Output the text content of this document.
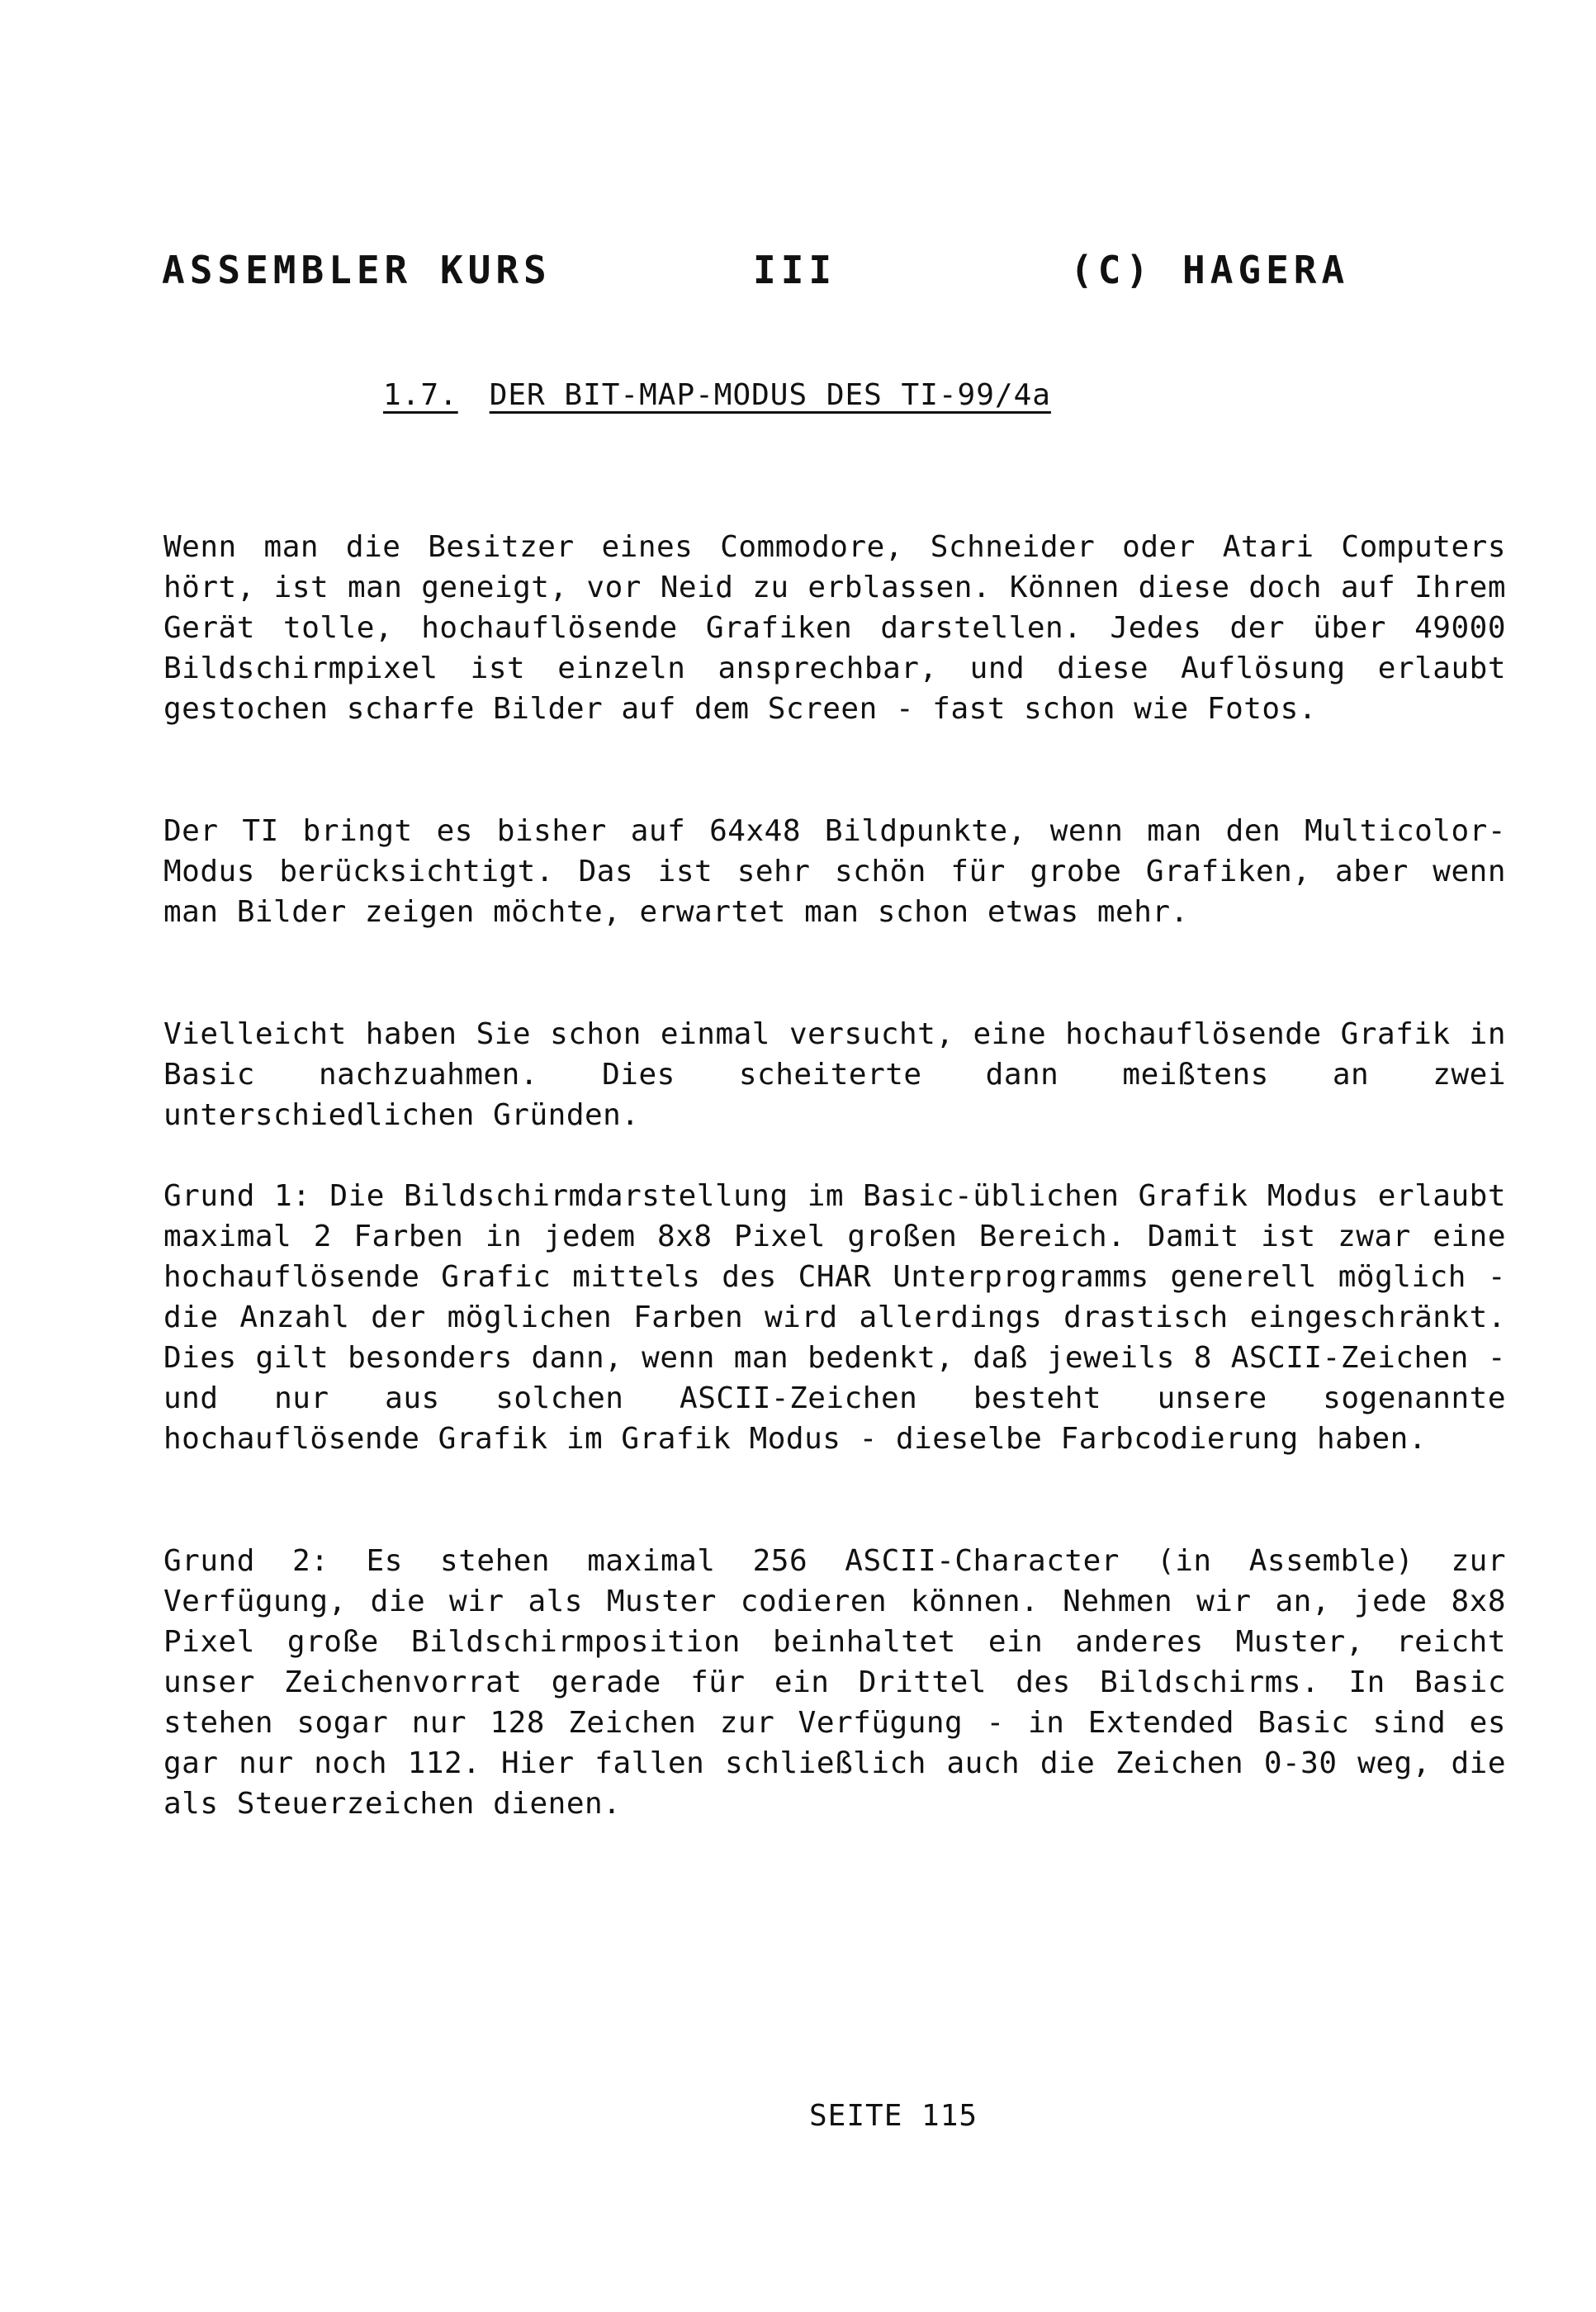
ASSEMBLER KURS	III	(C) HAGERA
1.7. DER BIT-MAP-MODUS DES TI-99/4a

Wenn man die Besitzer eines Commodore, Schneider oder Atari Computers hört, ist man geneigt, vor Neid zu erblassen. Können diese doch auf Ihrem Gerät tolle, hochauflösende Grafiken darstellen. Jedes der über 49000 Bildschirmpixel ist einzeln ansprechbar, und diese Auflösung erlaubt gestochen scharfe Bilder auf dem Screen - fast schon wie Fotos.

Der TI bringt es bisher auf 64x48 Bildpunkte, wenn man den Multicolor-Modus berücksichtigt. Das ist sehr schön für grobe Grafiken, aber wenn man Bilder zeigen möchte, erwartet man schon etwas mehr.

Vielleicht haben Sie schon einmal versucht, eine hochauflösende Grafik in Basic nachzuahmen. Dies scheiterte dann meißtens an zwei unterschiedlichen Gründen.

Grund 1: Die Bildschirmdarstellung im Basic-üblichen Grafik Modus erlaubt maximal 2 Farben in jedem 8x8 Pixel großen Bereich. Damit ist zwar eine hochauflösende Grafic mittels des CHAR Unterprogramms generell möglich - die Anzahl der möglichen Farben wird allerdings drastisch eingeschränkt. Dies gilt besonders dann, wenn man bedenkt, daß jeweils 8 ASCII-Zeichen - und nur aus solchen ASCII-Zeichen besteht unsere sogenannte hochauflösende Grafik im Grafik Modus - dieselbe Farbcodierung haben.

Grund 2: Es stehen maximal 256 ASCII-Character (in Assemble) zur Verfügung, die wir als Muster codieren können. Nehmen wir an, jede 8x8 Pixel große Bildschirmposition beinhaltet ein anderes Muster, reicht unser Zeichenvorrat gerade für ein Drittel des Bildschirms. In Basic stehen sogar nur 128 Zeichen zur Verfügung - in Extended Basic sind es gar nur noch 112. Hier fallen schließlich auch die Zeichen 0-30 weg, die als Steuerzeichen dienen.

SEITE 115
